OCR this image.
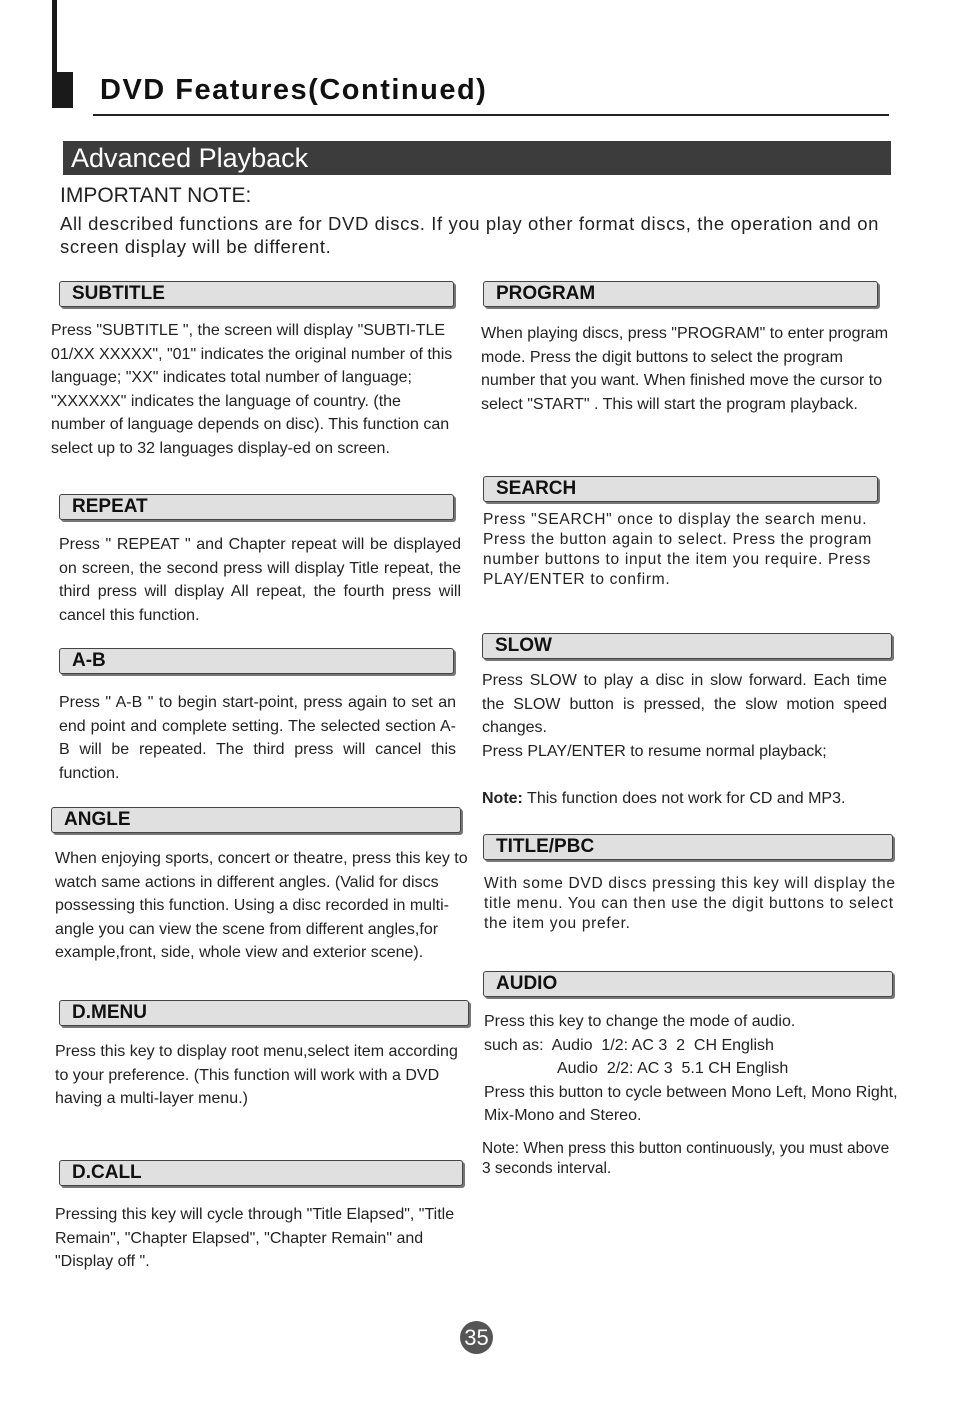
DVD Features(Continued)
Advanced Playback
IMPORTANT NOTE:
All described functions are for DVD discs. If you play other format discs, the operation and on screen display will be different.
SUBTITLE

Press "SUBTITLE ", the screen will display "SUBTI-TLE 01/XX XXXXX", "01" indicates the original number of this language; "XX" indicates total number of language; "XXXXXX" indicates the language of country. (the number of language depends on disc). This function can select up to 32 languages display-ed on screen.

REPEAT

Press " REPEAT " and Chapter repeat will be displayed on screen, the second press will display Title repeat, the third press will display All repeat, the fourth press will cancel this function.

A-B

Press " A-B " to begin start-point, press again to set an end point and complete setting. The selected section A-B will be repeated. The third press will cancel this function.

ANGLE

When enjoying sports, concert or theatre, press this key to watch same actions in different angles. (Valid for discs possessing this function. Using a disc recorded in multi-angle you can view the scene from different angles,for example,front, side, whole view and exterior scene).

D.MENU

Press this key to display root menu,select item according to your preference. (This function will work with a DVD having a multi-layer menu.)

D.CALL

Pressing this key will cycle through "Title Elapsed", "Title Remain", "Chapter Elapsed", "Chapter Remain" and "Display off ".

PROGRAM

When playing discs, press "PROGRAM" to enter program mode. Press the digit buttons to select the program number that you want. When finished move the cursor to select "START" . This will start the program playback.

SEARCH

Press "SEARCH" once to display the search menu. Press the button again to select. Press the program number buttons to input the item you require. Press PLAY/ENTER to confirm.

SLOW

Press SLOW to play a disc in slow forward. Each time the SLOW button is pressed, the slow motion speed changes.

Press PLAY/ENTER to resume normal playback;

Note: This function does not work for CD and MP3.

TITLE/PBC

With some DVD discs pressing this key will display the title menu. You can then use the digit buttons to select the item you prefer.

AUDIO

Press this key to change the mode of audio.

such as:  Audio  1/2: AC 3  2  CH English

Audio  2/2: AC 3  5.1 CH English

Press this button to cycle between Mono Left, Mono Right, Mix-Mono and Stereo.

Note: When press this button continuously, you must above 3 seconds interval.

35
